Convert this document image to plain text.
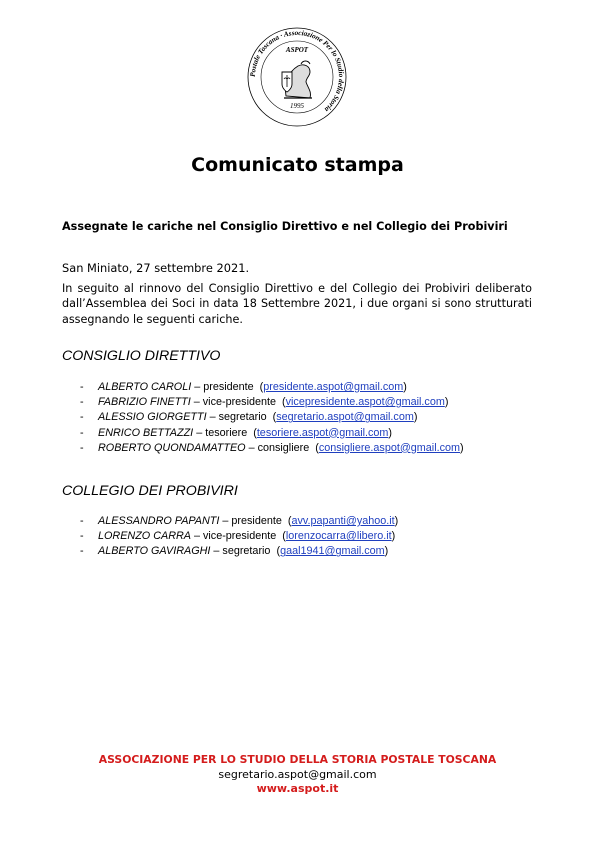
Postale Toscana · Associazione Per lo Studio della Storia
ASPOT
1995
Comunicato stampa
Assegnate le cariche nel Consiglio Direttivo e nel Collegio dei Probiviri
San Miniato, 27 settembre 2021.
In seguito al rinnovo del Consiglio Direttivo e del Collegio dei Probiviri deliberato
dall’Assemblea dei Soci in data 18 Settembre 2021, i due organi si sono strutturati
assegnando le seguenti cariche.
CONSIGLIO DIRETTIVO
- ALBERTO CAROLI – presidente  (presidente.aspot@gmail.com)
- FABRIZIO FINETTI – vice-presidente  (vicepresidente.aspot@gmail.com)
- ALESSIO GIORGETTI – segretario  (segretario.aspot@gmail.com)
- ENRICO BETTAZZI – tesoriere  (tesoriere.aspot@gmail.com)
- ROBERTO QUONDAMATTEO – consigliere  (consigliere.aspot@gmail.com)
COLLEGIO DEI PROBIVIRI
- ALESSANDRO PAPANTI – presidente  (avv.papanti@yahoo.it)
- LORENZO CARRA – vice-presidente  (lorenzocarra@libero.it)
- ALBERTO GAVIRAGHI – segretario  (gaal1941@gmail.com)
ASSOCIAZIONE PER LO STUDIO DELLA STORIA POSTALE TOSCANA
segretario.aspot@gmail.com
www.aspot.it
